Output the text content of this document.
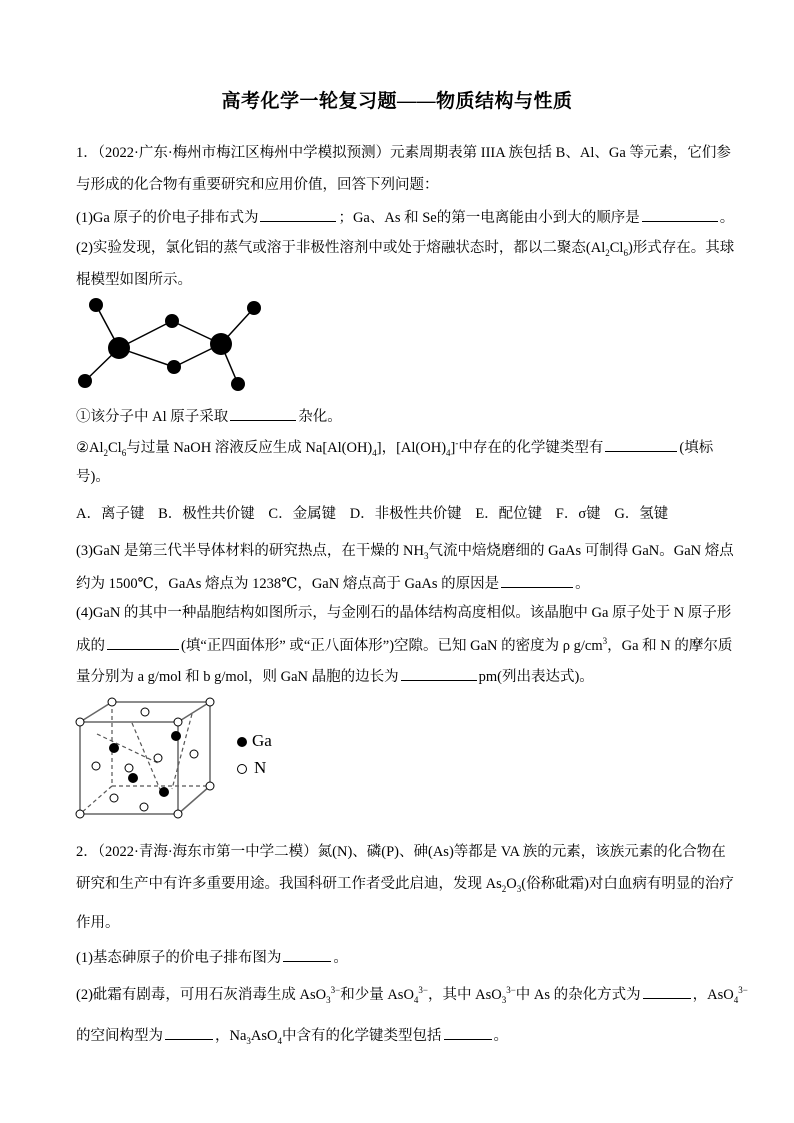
高考化学一轮复习题——物质结构与性质
1．（2022·广东·梅州市梅江区梅州中学模拟预测）元素周期表第 IIIA 族包括 B、Al、Ga 等元素，它们参
与形成的化合物有重要研究和应用价值，回答下列问题：
(1)Ga 原子的价电子排布式为	；Ga、As 和 Se的第一电离能由小到大的顺序是	。
(2)实验发现，氯化铝的蒸气或溶于非极性溶剂中或处于熔融状态时，都以二聚态$(Al_2Cl_6)$形式存在。其球
棍模型如图所示。
①该分子中 Al 原子采取	杂化。
$②Al_2Cl_6$与过量 NaOH 溶液反应生成 $Na[Al(OH)_4]$，$[Al(OH)_4]^-$中存在的化学键类型有	(填标
号)。
A．离子键 B．极性共价键 C．金属键 D．非极性共价键 E．配位键 F．σ键 G．氢键
(3)GaN 是第三代半导体材料的研究热点，在干燥的 $NH_3$气流中焙烧磨细的 GaAs 可制得 GaN。GaN 熔点
约为 1500℃，GaAs 熔点为 1238℃，GaN 熔点高于 GaAs 的原因是	。
(4)GaN 的其中一种晶胞结构如图所示，与金刚石的晶体结构高度相似。该晶胞中 Ga 原子处于 N 原子形
成的	(填“正四面体形” 或“正八面体形”)空隙。已知 GaN 的密度为 ρ $g/cm^3$，Ga 和 N 的摩尔质
量分别为 a g/mol 和 b g/mol，则 GaN 晶胞的边长为	pm(列出表达式)。
Ga
N
2．（2022·青海·海东市第一中学二模）氮(N)、磷(P)、砷(As)等都是 VA 族的元素，该族元素的化合物在
研究和生产中有许多重要用途。我国科研工作者受此启迪，发现 $As_2O_3$(俗称砒霜)对白血病有明显的治疗
作用。
(1)基态砷原子的价电子排布图为	。
(2)砒霜有剧毒，可用石灰消毒生成 AsO$_3^{3-}$和少量 AsO$_4^{3-}$，其中 AsO$_3^{3-}$中 As 的杂化方式为	，AsO$_4^{3-}$
的空间构型为	，$Na_3AsO_4$中含有的化学键类型包括	。
